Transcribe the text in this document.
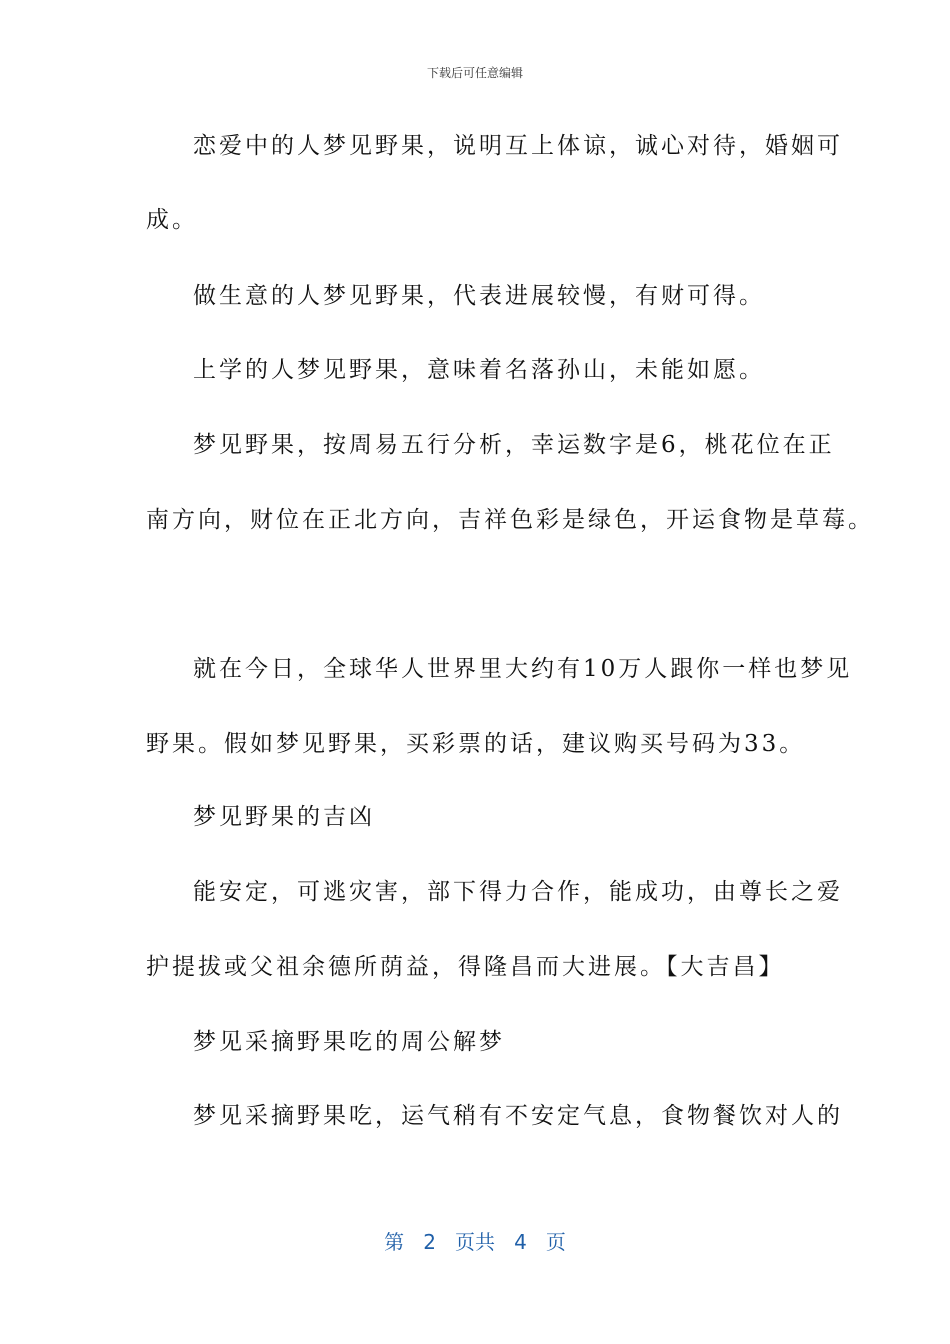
下载后可任意编辑
恋爱中的人梦见野果，说明互上体谅，诚心对待，婚姻可
成。
做生意的人梦见野果，代表进展较慢，有财可得。
上学的人梦见野果，意味着名落孙山，未能如愿。
梦见野果，按周易五行分析，幸运数字是6，桃花位在正
南方向，财位在正北方向，吉祥色彩是绿色，开运食物是草莓。
就在今日，全球华人世界里大约有10万人跟你一样也梦见
野果。假如梦见野果，买彩票的话，建议购买号码为33。
梦见野果的吉凶
能安定，可逃灾害，部下得力合作，能成功，由尊长之爱
护提拔或父祖余德所荫益，得隆昌而大进展。【大吉昌】
梦见采摘野果吃的周公解梦
梦见采摘野果吃，运气稍有不安定气息，食物餐饮对人的
第 2 页共 4 页
